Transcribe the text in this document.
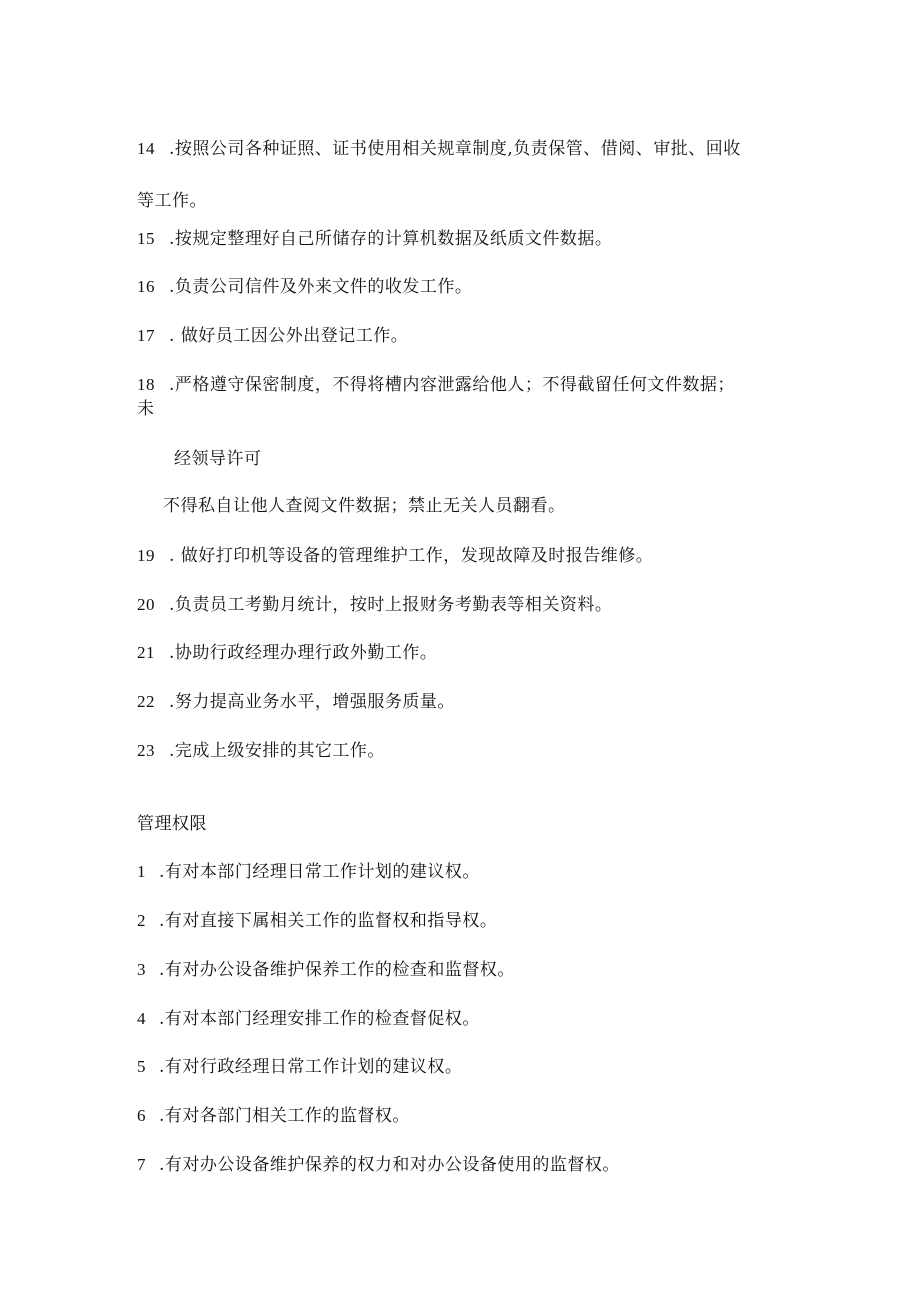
14 .按照公司各种证照、证书使用相关规章制度,负责保管、借阅、审批、回收
等工作。
15 .按规定整理好自己所储存的计算机数据及纸质文件数据。
16 .负责公司信件及外来文件的收发工作。
17 . 做好员工因公外出登记工作。
18 .严格遵守保密制度，不得将槽内容泄露给他人；不得截留任何文件数据；
未
经领导许可
不得私自让他人查阅文件数据；禁止无关人员翻看。
19 . 做好打印机等设备的管理维护工作，发现故障及时报告维修。
20 .负责员工考勤月统计，按时上报财务考勤表等相关资料。
21 .协助行政经理办理行政外勤工作。
22 .努力提高业务水平，增强服务质量。
23 .完成上级安排的其它工作。
管理权限
1 .有对本部门经理日常工作计划的建议权。
2 .有对直接下属相关工作的监督权和指导权。
3 .有对办公设备维护保养工作的检查和监督权。
4 .有对本部门经理安排工作的检查督促权。
5 .有对行政经理日常工作计划的建议权。
6 .有对各部门相关工作的监督权。
7 .有对办公设备维护保养的权力和对办公设备使用的监督权。
